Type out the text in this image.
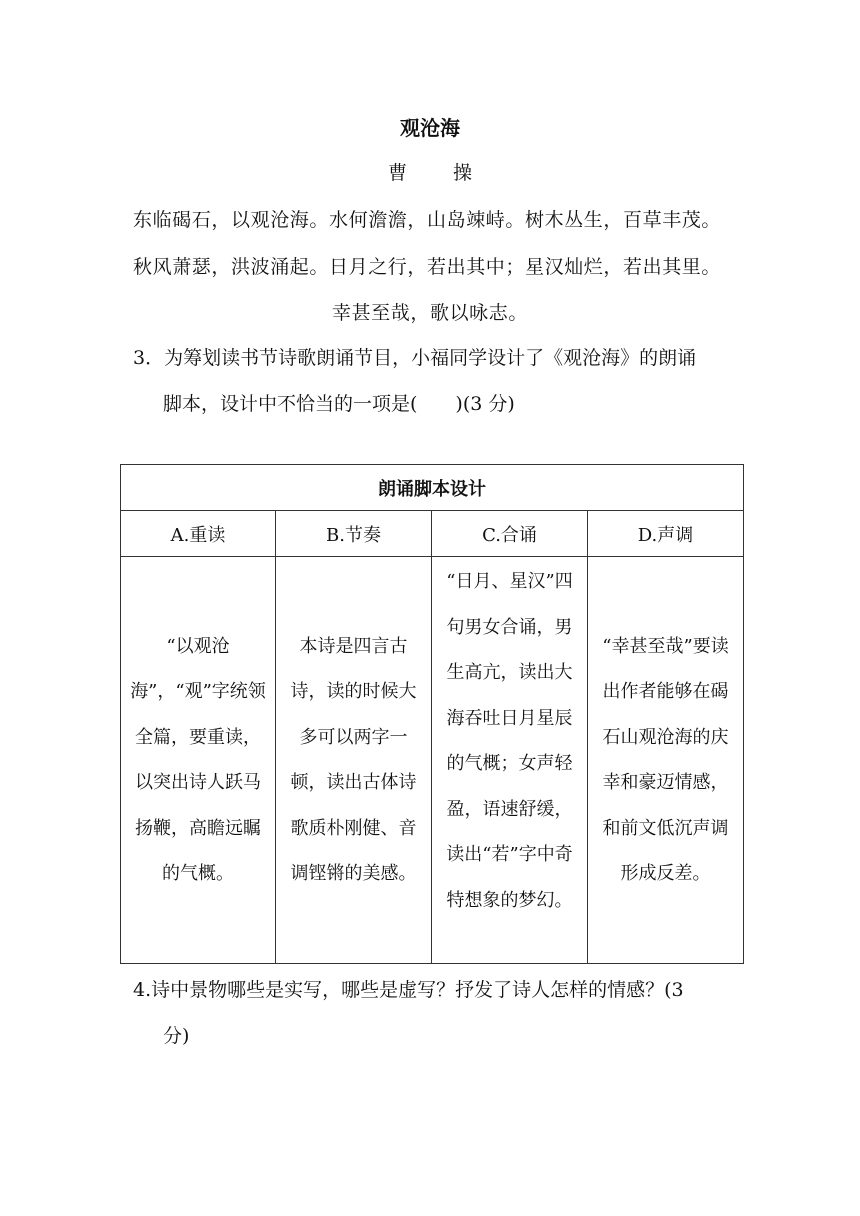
观沧海
曹 操
东临碣石，以观沧海。水何澹澹，山岛竦峙。树木丛生，百草丰茂。
秋风萧瑟，洪波涌起。日月之行，若出其中；星汉灿烂，若出其里。
幸甚至哉，歌以咏志。
3．为筹划读书节诗歌朗诵节目，小福同学设计了《观沧海》的朗诵
脚本，设计中不恰当的一项是(　　)(3 分)
朗诵脚本设计			
A.重读	B.节奏	C.合诵	D.声调
“以观沧海”，“观”字统领全篇，要重读，以突出诗人跃马扬鞭，高瞻远瞩的气概。	本诗是四言古诗，读的时候大多可以两字一顿，读出古体诗歌质朴刚健、音调铿锵的美感。	“日月、星汉”四句男女合诵，男生高亢，读出大海吞吐日月星辰的气概；女声轻盈，语速舒缓，读出“若”字中奇特想象的梦幻。	“幸甚至哉”要读出作者能够在碣石山观沧海的庆幸和豪迈情感，和前文低沉声调形成反差。
4.诗中景物哪些是实写，哪些是虚写？抒发了诗人怎样的情感？(3
分)
